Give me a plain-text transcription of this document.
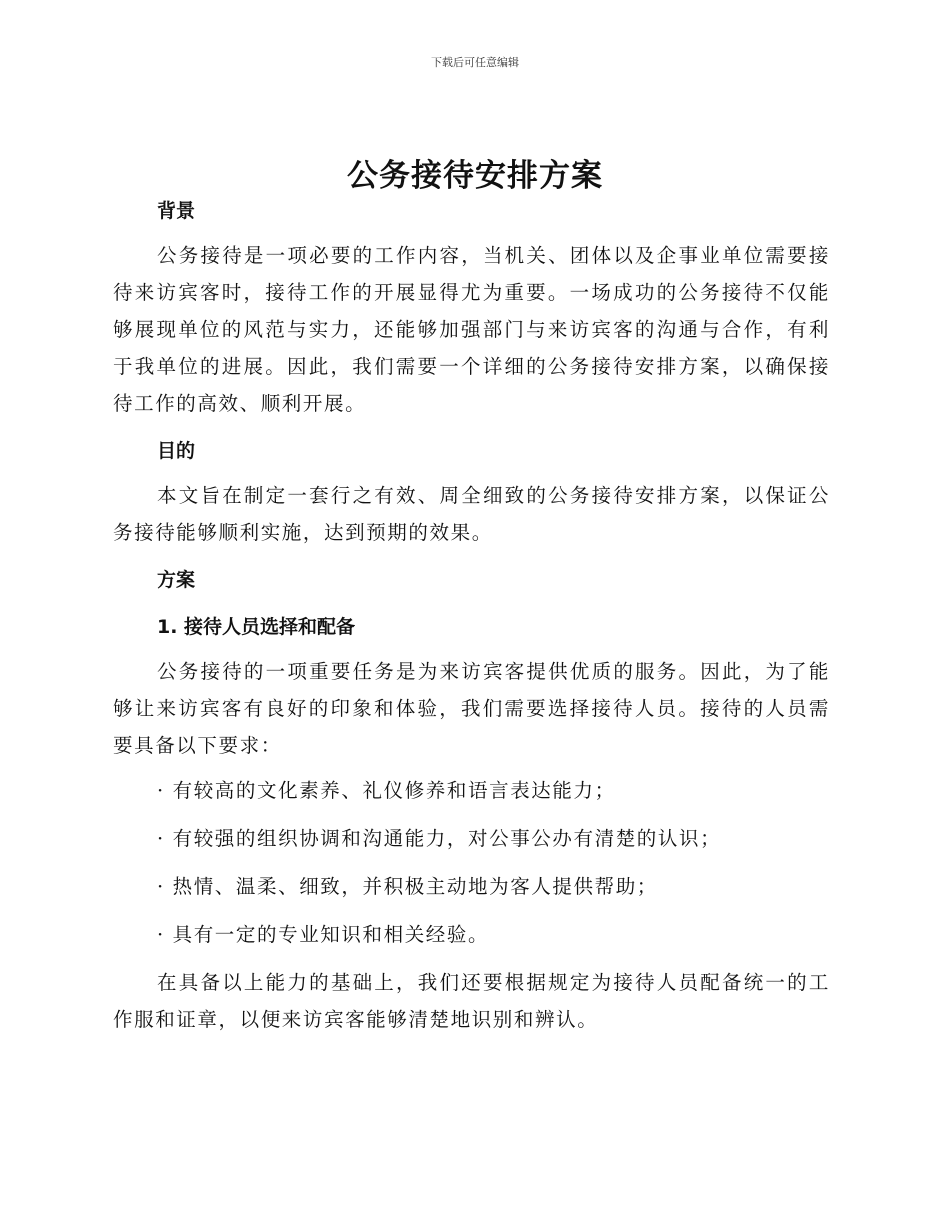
下载后可任意编辑
公务接待安排方案
背景

公务接待是一项必要的工作内容，当机关、团体以及企事业单位需要接待来访宾客时，接待工作的开展显得尤为重要。一场成功的公务接待不仅能够展现单位的风范与实力，还能够加强部门与来访宾客的沟通与合作，有利于我单位的进展。因此，我们需要一个详细的公务接待安排方案，以确保接待工作的高效、顺利开展。

目的

本文旨在制定一套行之有效、周全细致的公务接待安排方案，以保证公务接待能够顺利实施，达到预期的效果。

方案
1. 接待人员选择和配备

公务接待的一项重要任务是为来访宾客提供优质的服务。因此，为了能够让来访宾客有良好的印象和体验，我们需要选择接待人员。接待的人员需要具备以下要求：

· 有较高的文化素养、礼仪修养和语言表达能力；

· 有较强的组织协调和沟通能力，对公事公办有清楚的认识；

· 热情、温柔、细致，并积极主动地为客人提供帮助；

· 具有一定的专业知识和相关经验。

在具备以上能力的基础上，我们还要根据规定为接待人员配备统一的工作服和证章，以便来访宾客能够清楚地识别和辨认。
